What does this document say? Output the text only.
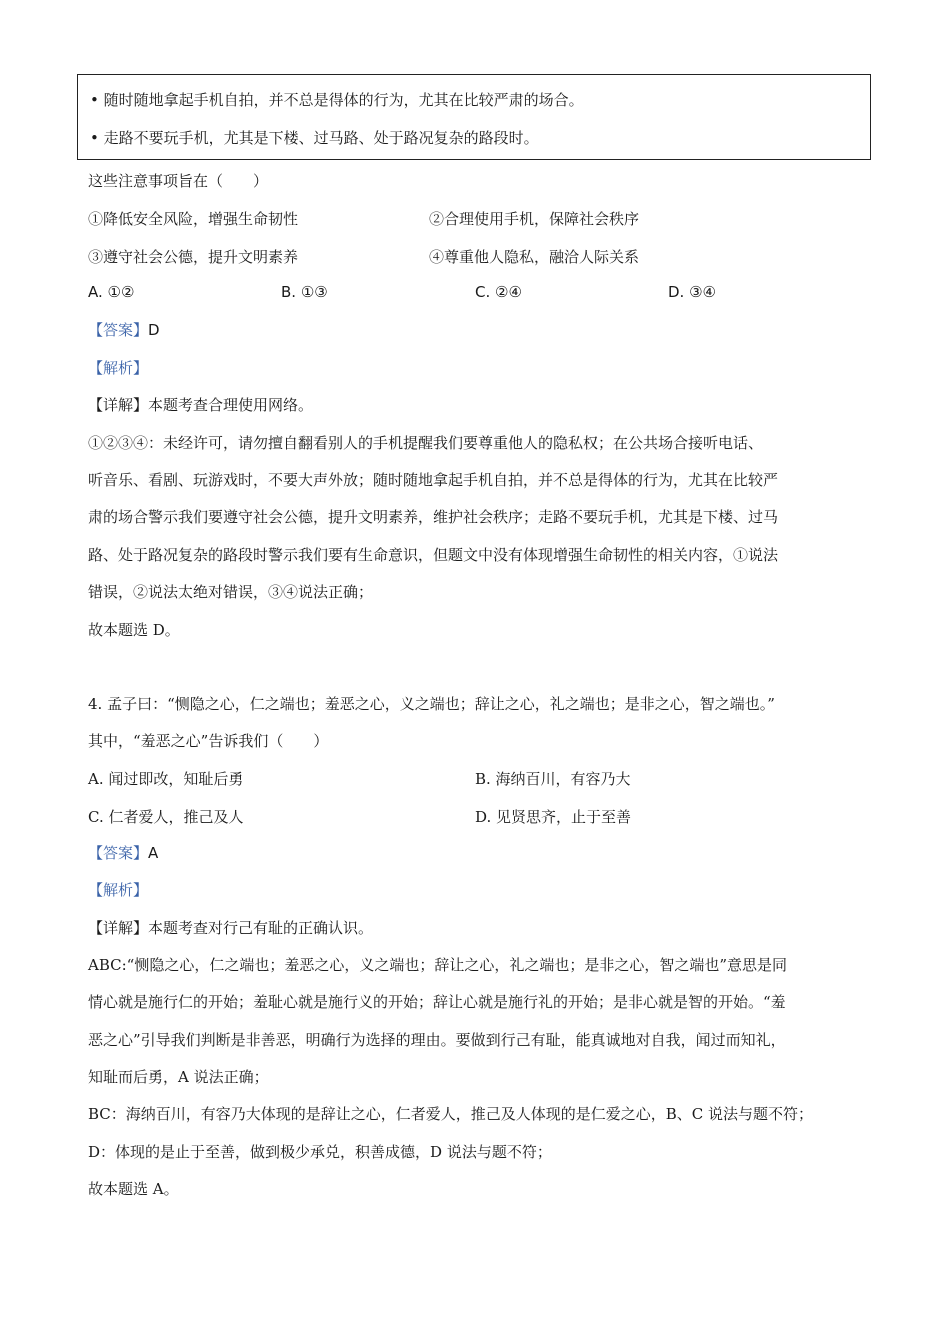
• 随时随地拿起手机自拍，并不总是得体的行为，尤其在比较严肃的场合。
• 走路不要玩手机，尤其是下楼、过马路、处于路况复杂的路段时。
这些注意事项旨在（　　）
①降低安全风险，增强生命韧性	②合理使用手机，保障社会秩序
③遵守社会公德，提升文明素养	④尊重他人隐私，融洽人际关系
A. ①②	B. ①③	C. ②④	D. ③④
【答案】D
【解析】
【详解】本题考查合理使用网络。
①②③④：未经许可，请勿擅自翻看别人的手机提醒我们要尊重他人的隐私权；在公共场合接听电话、
听音乐、看剧、玩游戏时，不要大声外放；随时随地拿起手机自拍，并不总是得体的行为，尤其在比较严
肃的场合警示我们要遵守社会公德，提升文明素养，维护社会秩序；走路不要玩手机，尤其是下楼、过马
路、处于路况复杂的路段时警示我们要有生命意识，但题文中没有体现增强生命韧性的相关内容，①说法
错误，②说法太绝对错误，③④说法正确；
故本题选 D。
4. 孟子曰：“恻隐之心，仁之端也；羞恶之心，义之端也；辞让之心，礼之端也；是非之心，智之端也。”
其中，“羞恶之心”告诉我们（　　）
A. 闻过即改，知耻后勇	B. 海纳百川，有容乃大
C. 仁者爱人，推己及人	D. 见贤思齐，止于至善
【答案】A
【解析】
【详解】本题考查对行己有耻的正确认识。
ABC:“恻隐之心，仁之端也；羞恶之心，义之端也；辞让之心，礼之端也；是非之心，智之端也”意思是同
情心就是施行仁的开始；羞耻心就是施行义的开始；辞让心就是施行礼的开始；是非心就是智的开始。“羞
恶之心”引导我们判断是非善恶，明确行为选择的理由。要做到行己有耻，能真诚地对自我，闻过而知礼，
知耻而后勇，A 说法正确；
BC：海纳百川，有容乃大体现的是辞让之心，仁者爱人，推己及人体现的是仁爱之心，B、C 说法与题不符；
D：体现的是止于至善，做到极少承兑，积善成德，D 说法与题不符；
故本题选 A。
